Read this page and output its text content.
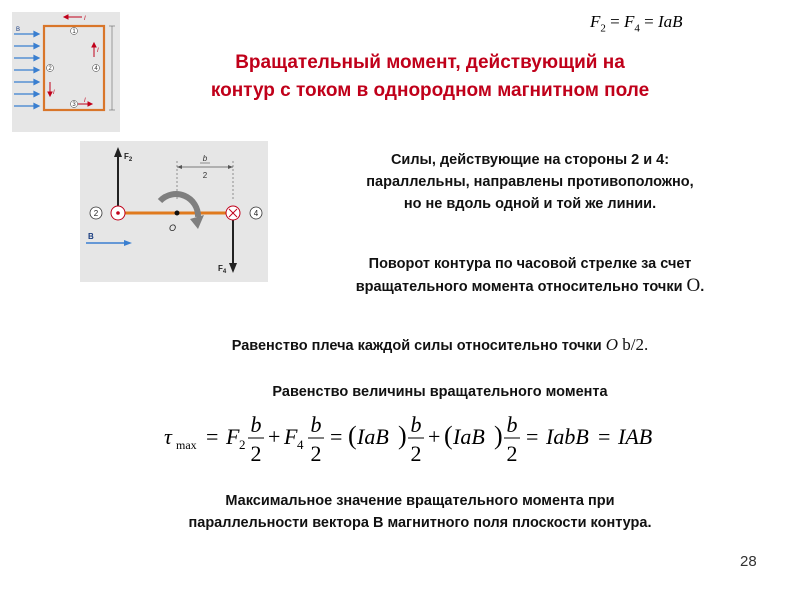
B
I
I
I
I
1
2
3
4
$F_2$
$F_4$
b
2
O
2	4
B
$F_2 = F_4$ = IaB
Вращательный момент, действующий на
контур с током в однородном магнитном поле
Силы, действующие на стороны 2 и 4:
параллельны, направлены противоположно,
но не вдоль одной и той же линии.
Поворот контура по часовой стрелке за счет
вращательного момента относительно точки O.
Равенство плеча каждой силы относительно точки O b/2.
Равенство величины вращательного момента
τ max = F 2
b
2
+ F 4
b
2
= ( IaB ) b
2
+ ( IaB ) b
2
= IabB = IAB
Максимальное значение вращательного момента при
параллельности вектора В магнитного поля плоскости контура.
28
